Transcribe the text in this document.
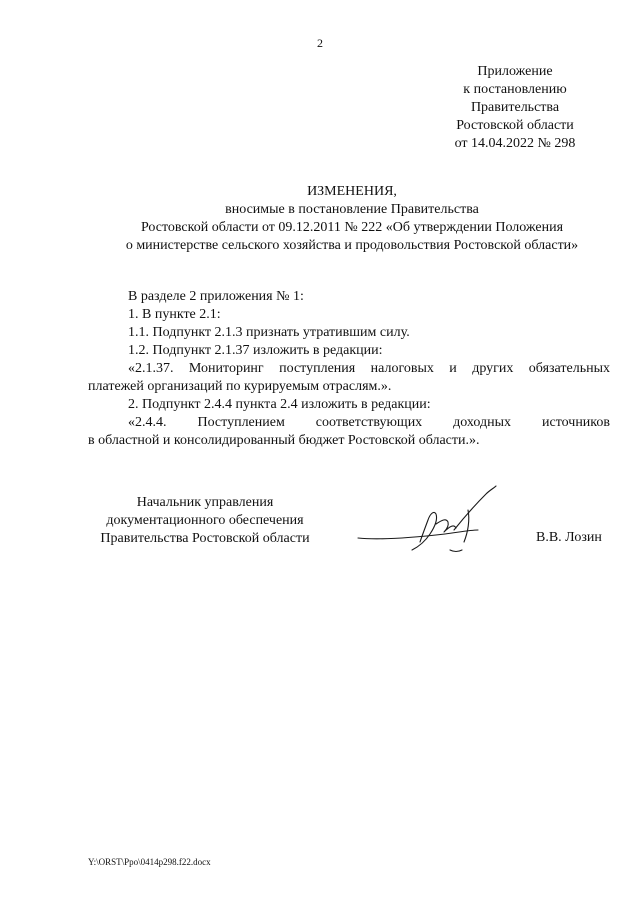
2
Приложение
к постановлению
Правительства
Ростовской области
от 14.04.2022 № 298
ИЗМЕНЕНИЯ,
вносимые в постановление Правительства
Ростовской области от 09.12.2011 № 222 «Об утверждении Положения
о министерстве сельского хозяйства и продовольствия Ростовской области»
В разделе 2 приложения № 1:
1. В пункте 2.1:
1.1. Подпункт 2.1.3 признать утратившим силу.
1.2. Подпункт 2.1.37 изложить в редакции:
«2.1.37. Мониторинг поступления налоговых и других обязательных
платежей организаций по курируемым отраслям.».
2. Подпункт 2.4.4 пункта 2.4 изложить в редакции:
«2.4.4. Поступлением соответствующих доходных источников
в областной и консолидированный бюджет Ростовской области.».
Начальник управления
документационного обеспечения
Правительства Ростовской области	В.В. Лозин
Y:\ORST\Ppo\0414p298.f22.docx
